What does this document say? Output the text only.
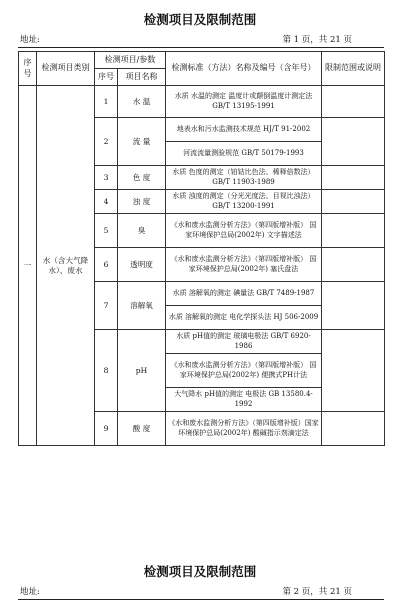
检测项目及限制范围
地址:	第 1 页，共 21 页
序号	检测项目类别	检测项目/参数		检测标准（方法）名称及编号（含年号）	限制范围或说明
		序号	项目名称		
一	水（含大气降水）、废水	1	水 温	水质 水温的测定 温度计或颠倒温度计测定法 GB/T 13195-1991	
		2	流 量	地表水和污水监测技术规范 HJ/T 91-2002	
				河流流量测验规范 GB/T 50179-1993	
		3	色 度	水质 色度的测定（铂钴比色法、稀释倍数法） GB/T 11903-1989	
		4	浊 度	水质 浊度的测定（分光光度法、目视比浊法） GB/T 13200-1991	
		5	臭	《水和废水监测分析方法》（第四版增补版） 国家环境保护总局(2002年) 文字描述法	
		6	透明度	《水和废水监测分析方法》（第四版增补版） 国家环境保护总局(2002年) 塞氏盘法	
		7	溶解氧	水质 溶解氧的测定 碘量法 GB/T 7489-1987	
				水质 溶解氧的测定 电化学探头法 HJ 506-2009	
		8	pH	水质 pH值的测定 玻璃电极法 GB/T 6920-1986	
				《水和废水监测分析方法》（第四版增补版） 国家环境保护总局(2002年) 便携式PH计法	
				大气降水 pH值的测定 电极法 GB 13580.4-1992	
		9	酸 度	《水和废水监测分析方法》（第四版增补版）国家环境保护总局(2002年) 酸碱指示剂滴定法	
检测项目及限制范围
地址:	第 2 页，共 21 页
